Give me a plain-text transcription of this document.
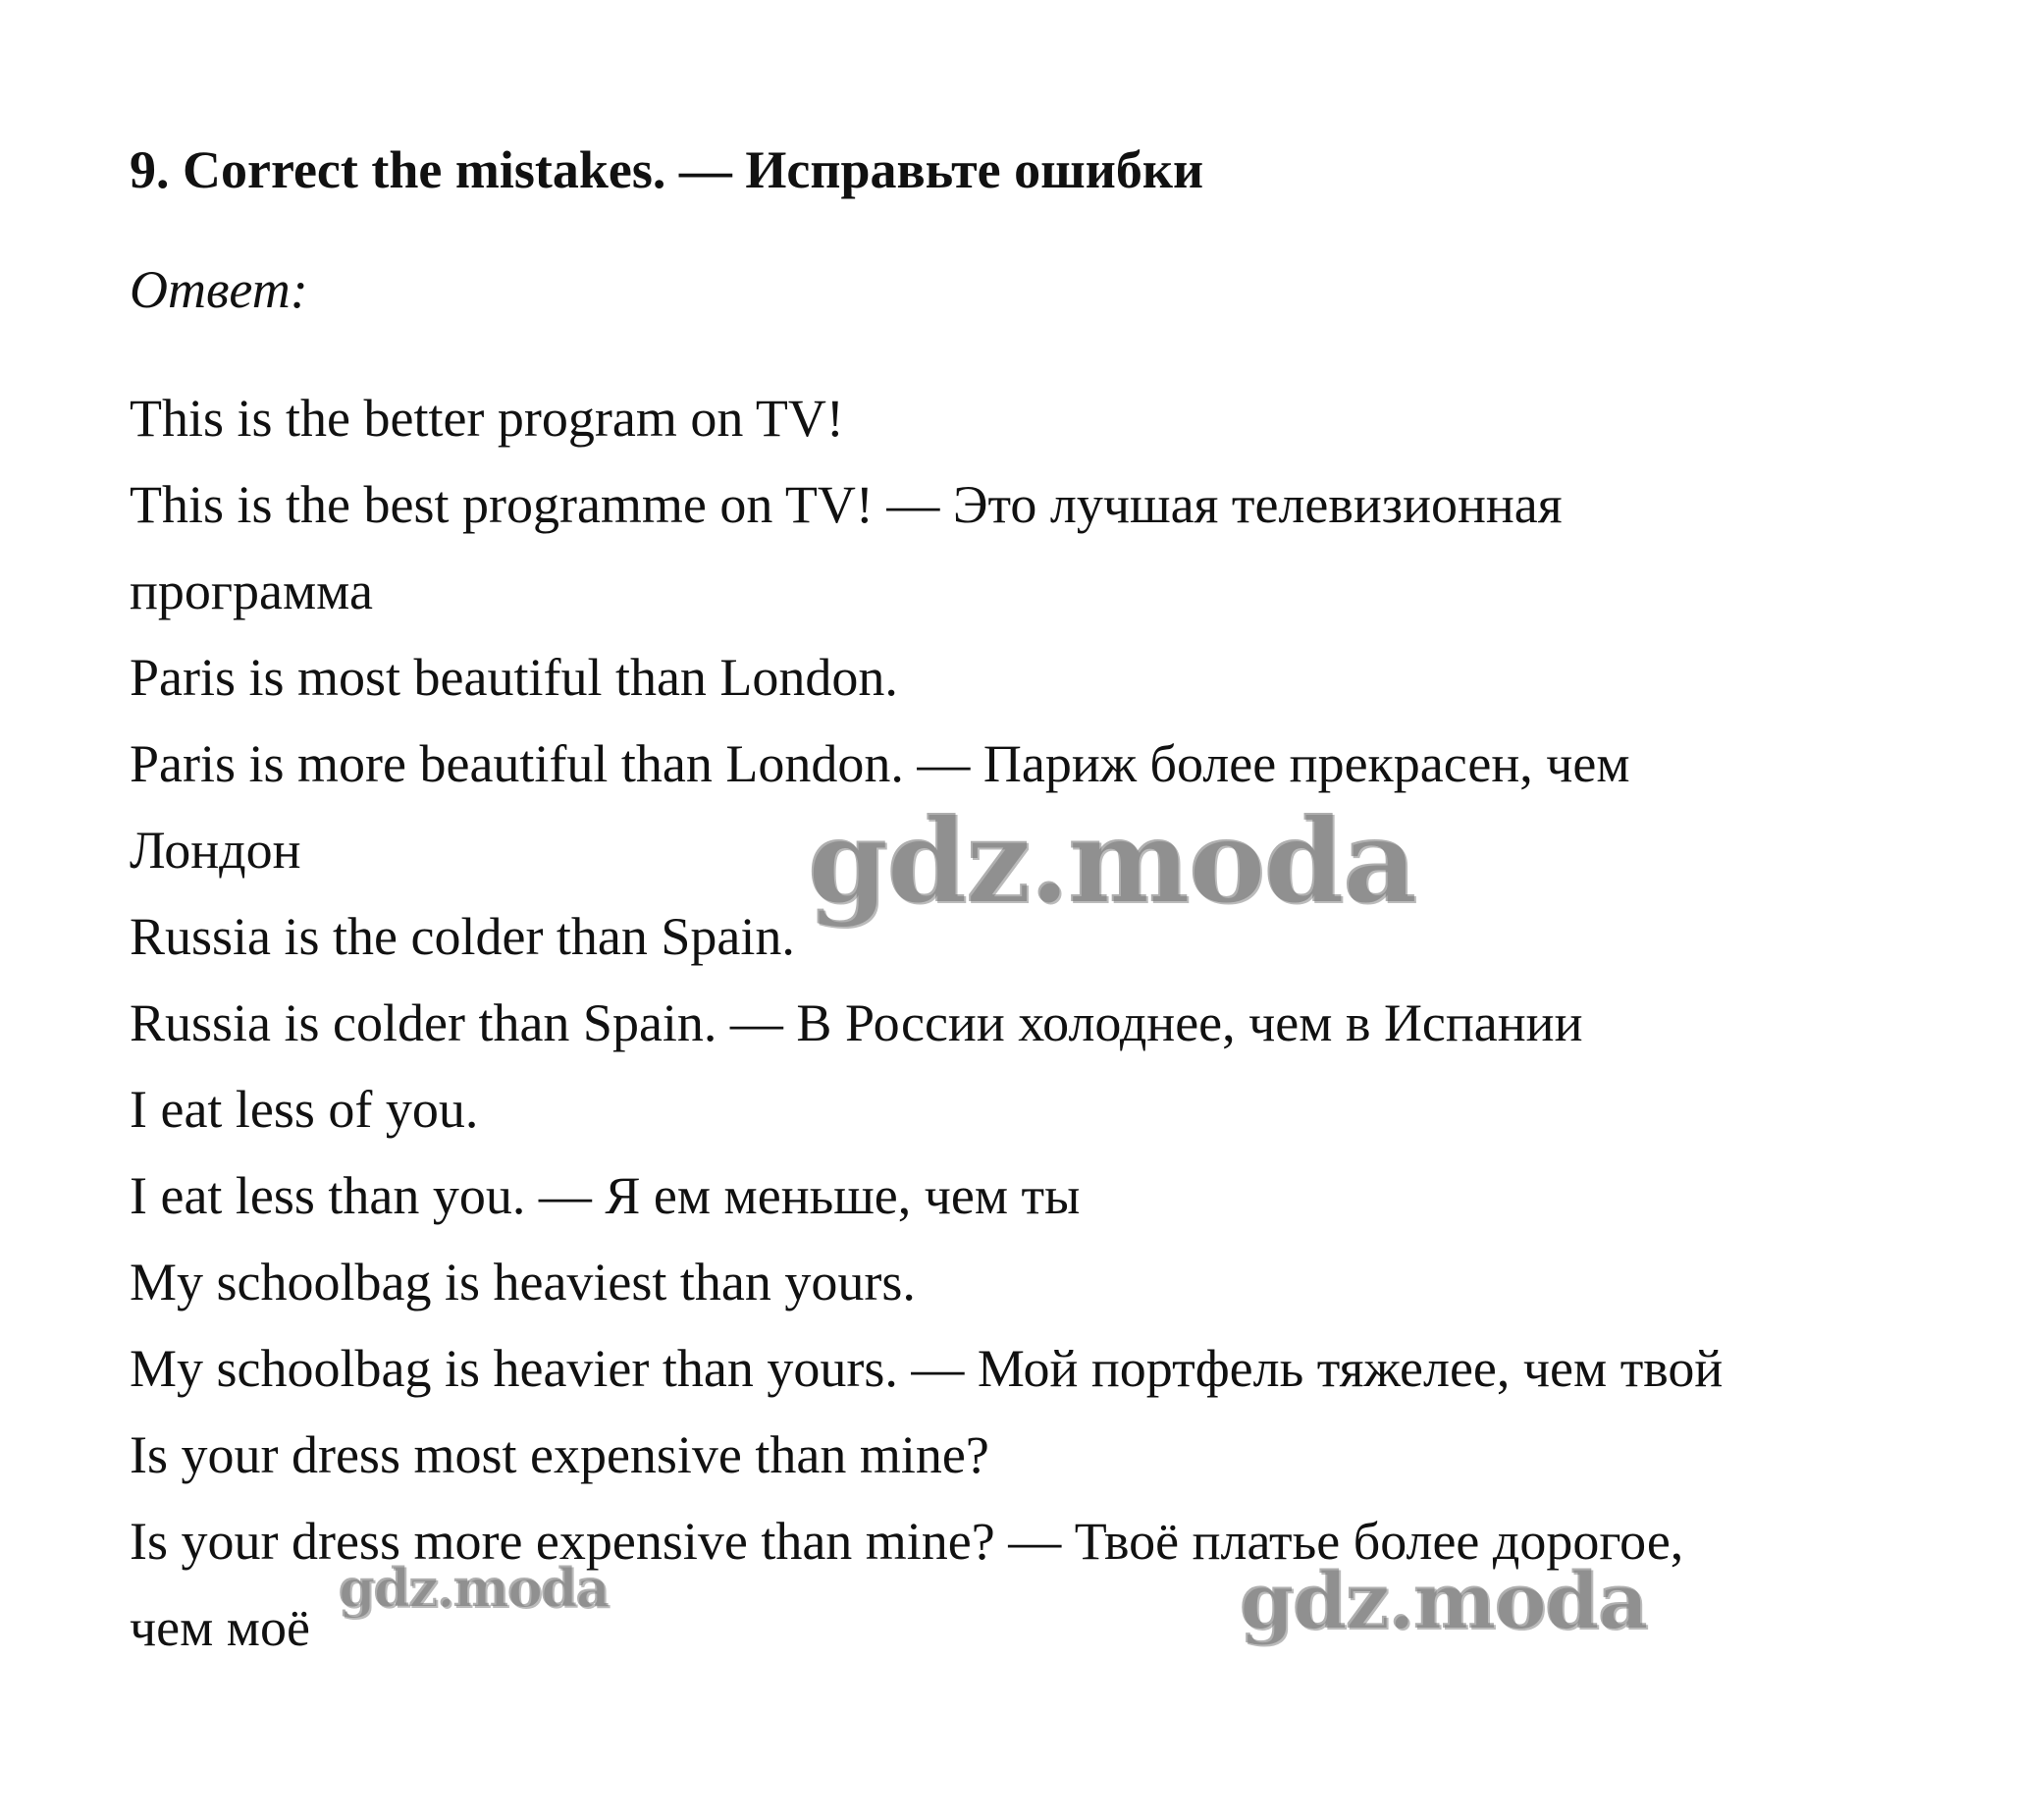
9. Correct the mistakes. — Исправьте ошибки
Ответ:
This is the better program on TV!
This is the best programme on TV! — Это лучшая телевизионная
программа
Paris is most beautiful than London.
Paris is more beautiful than London. — Париж более прекрасен, чем
Лондон
Russia is the colder than Spain.
Russia is colder than Spain. — В России холоднее, чем в Испании
I eat less of you.
I eat less than you. — Я ем меньше, чем ты
My schoolbag is heaviest than yours.
My schoolbag is heavier than yours. — Мой портфель тяжелее, чем твой
Is your dress most expensive than mine?
Is your dress more expensive than mine? — Твоё платье более дорогое,
чем моё
gdz.moda
gdz.moda	gdz.moda
